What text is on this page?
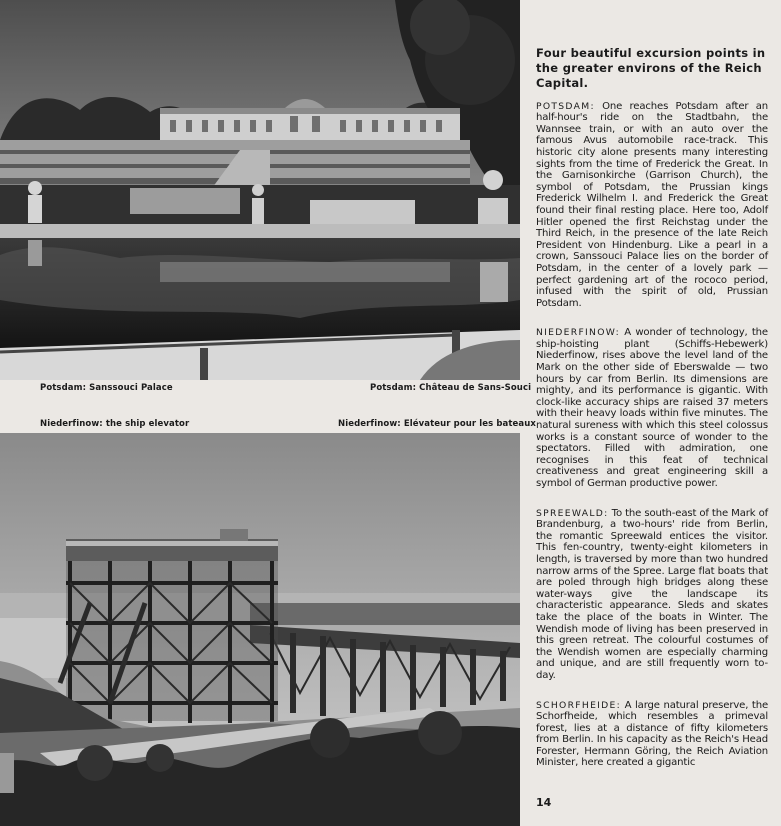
Potsdam: Sanssouci Palace	Potsdam: Château de Sans-Souci
Niederfinow: the ship elevator	Niederfinow: Elévateur pour les bateaux
Four beautiful excursion points in the greater environs of the Reich Capital.

POTSDAM: One reaches Potsdam after an half-hour's ride on the Stadtbahn, the Wannsee train, or with an auto over the famous Avus automobile race-track. This historic city alone presents many interesting sights from the time of Frederick the Great. In the Garnisonkirche (Garrison Church), the symbol of Potsdam, the Prussian kings Frederick Wilhelm I. and Frederick the Great found their final resting place. Here too, Adolf Hitler opened the first Reichstag under the Third Reich, in the presence of the late Reich President von Hindenburg. Like a pearl in a crown, Sanssouci Palace lies on the border of Potsdam, in the center of a lovely park — perfect gardening art of the rococo period, infused with the spirit of old, Prussian Potsdam.

NIEDERFINOW: A wonder of technology, the ship-hoisting plant (Schiffs-Hebewerk) Niederfinow, rises above the level land of the Mark on the other side of Eberswalde — two hours by car from Berlin. Its dimensions are mighty, and its performance is gigantic. With clock-like accuracy ships are raised 37 meters with their heavy loads within five minutes. The natural sureness with which this steel colossus works is a constant source of wonder to the spectators. Filled with admiration, one recognises in this feat of technical creativeness and great engineering skill a symbol of German productive power.

SPREEWALD: To the south-east of the Mark of Brandenburg, a two-hours' ride from Berlin, the romantic Spreewald entices the visitor. This fen-country, twenty-eight kilometers in length, is traversed by more than two hundred narrow arms of the Spree. Large flat boats that are poled through high bridges along these water-ways give the landscape its characteristic appearance. Sleds and skates take the place of the boats in Winter. The Wendish mode of living has been preserved in this green retreat. The colourful costumes of the Wendish women are especially charming and unique, and are still frequently worn to-day.

SCHORFHEIDE: A large natural preserve, the Schorfheide, which resembles a primeval forest, lies at a distance of fifty kilometers from Berlin. In his capacity as the Reich's Head Forester, Hermann Göring, the Reich Aviation Minister, here created a gigantic

14
